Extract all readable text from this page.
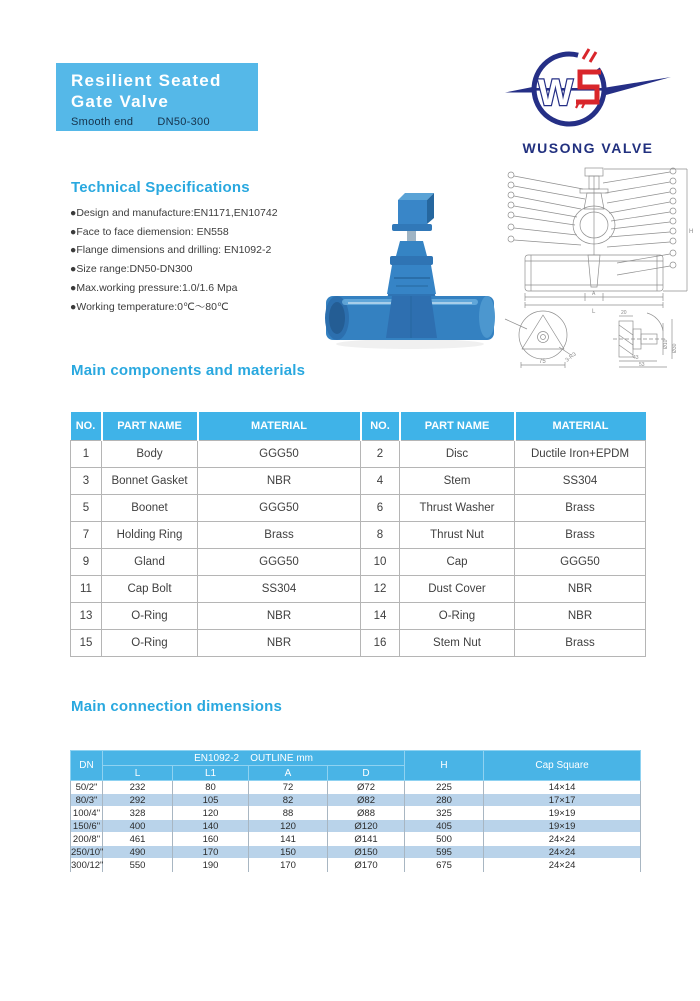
Resilient Seated
Gate Valve
Smooth end DN50-300
W
WUSONG VALVE
Technical Specifications
●Design and manufacture:EN1171,EN10742
●Face to face diemension: EN558
●Flange dimensions and drilling: EN1092-2
●Size range:DN50-DN300
●Max.working pressure:1.0/1.6 Mpa
●Working temperature:0℃～80℃
H
A
L
3-R3
75
20
43
53
Ø10 Ø30
Main components and materials
NO.	PART NAME	MATERIAL	NO.	PART NAME	MATERIAL
1	Body	GGG50	2	Disc	Ductile Iron+EPDM
3	Bonnet Gasket	NBR	4	Stem	SS304
5	Boonet	GGG50	6	Thrust Washer	Brass
7	Holding Ring	Brass	8	Thrust Nut	Brass
9	Gland	GGG50	10	Cap	GGG50
11	Cap Bolt	SS304	12	Dust Cover	NBR
13	O-Ring	NBR	14	O-Ring	NBR
15	O-Ring	NBR	16	Stem Nut	Brass
Main connection dimensions
DN	EN1092-2    OUTLINE mm				H	Cap Square
	L	L1	A	D		
50/2"	232	80	72	Ø72	225	14×14
80/3"	292	105	82	Ø82	280	17×17
100/4"	328	120	88	Ø88	325	19×19
150/6"	400	140	120	Ø120	405	19×19
200/8"	461	160	141	Ø141	500	24×24
250/10"	490	170	150	Ø150	595	24×24
300/12"	550	190	170	Ø170	675	24×24
